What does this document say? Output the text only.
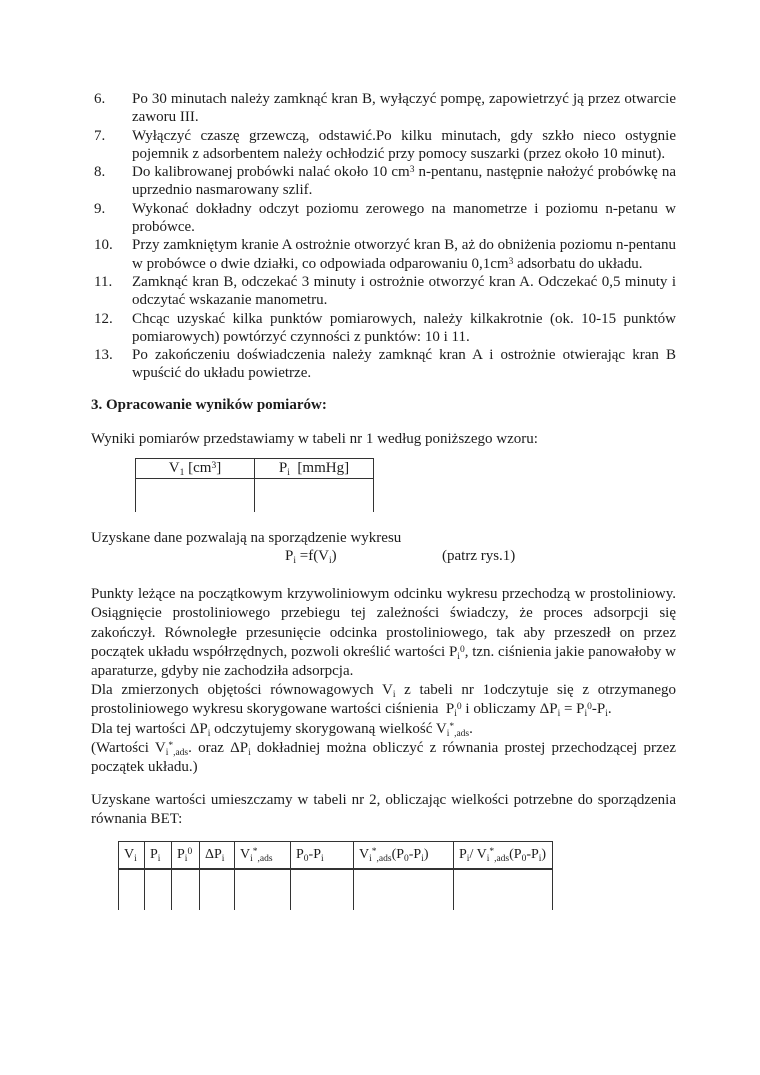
6. Po 30 minutach należy zamknąć kran B, wyłączyć pompę, zapowietrzyć ją przez otwarcie zaworu III.
7. Wyłączyć czaszę grzewczą, odstawić.Po kilku minutach, gdy szkło nieco ostygnie pojemnik z adsorbentem należy ochłodzić przy pomocy suszarki (przez około 10 minut).
8. Do kalibrowanej probówki nalać około 10 $cm^3$ n-pentanu, następnie nałożyć probówkę na uprzednio nasmarowany szlif.
9. Wykonać dokładny odczyt poziomu zerowego na manometrze i poziomu n-petanu w probówce.
10. Przy zamkniętym kranie A ostrożnie otworzyć kran B, aż do obniżenia poziomu n-pentanu w probówce o dwie działki, co odpowiada odparowaniu $0,1cm^3$ adsorbatu do układu.
11. Zamknąć kran B, odczekać 3 minuty i ostrożnie otworzyć kran A. Odczekać 0,5 minuty i odczytać wskazanie manometru.
12. Chcąc uzyskać kilka punktów pomiarowych, należy kilkakrotnie (ok. 10-15 punktów pomiarowych) powtórzyć czynności z punktów: 10 i 11.
13. Po zakończeniu doświadczenia należy zamknąć kran A i ostrożnie otwierając kran B wpuścić do układu powietrze.
3. Opracowanie wyników pomiarów:
Wyniki pomiarów przedstawiamy w tabeli nr 1 według poniższego wzoru:
$V_1$ $[cm^3]$	$P_i$  [mmHg]

Uzyskane dane pozwalają na sporządzenie wykresu
$P_i =f(V_i)$	(patrz rys.1)
Punkty leżące na początkowym krzywoliniowym odcinku wykresu przechodzą w prostoliniowy. Osiągnięcie prostoliniowego przebiegu tej zależności świadczy, że proces adsorpcji się zakończył. Równoległe przesunięcie odcinka prostoliniowego, tak aby przeszedł on przez początek układu współrzędnych, pozwoli określić wartości $P_i^0$, tzn. ciśnienia jakie panowałoby w aparaturze, gdyby nie zachodziła adsorpcja.
Dla zmierzonych objętości równowagowych $V_i$ z tabeli nr 1odczytuje się z otrzymanego prostoliniowego wykresu skorygowane wartości ciśnienia  $P_i^0$ i obliczamy $\Delta P_i = P_i^0-P_i$.
Dla tej wartości $\Delta P_i$ odczytujemy skorygowaną wielkość $V_i^*_{,ads}$.
(Wartości $V_i^*_{,ads}$. oraz $\Delta P_i$ dokładniej można obliczyć z równania prostej przechodzącej przez początek układu.)
Uzyskane wartości umieszczamy w tabeli nr 2, obliczając wielkości potrzebne do sporządzenia równania BET:
$V_i$	$P_i$	$P_i^0$	$\Delta P_i$	$V_i^*_{,ads}$	$P_0-P_i$	$V_i^*_{,ads}(P_0-P_i)$	$P_i/$ $V_i^*_{,ads}(P_0-P_i)$
